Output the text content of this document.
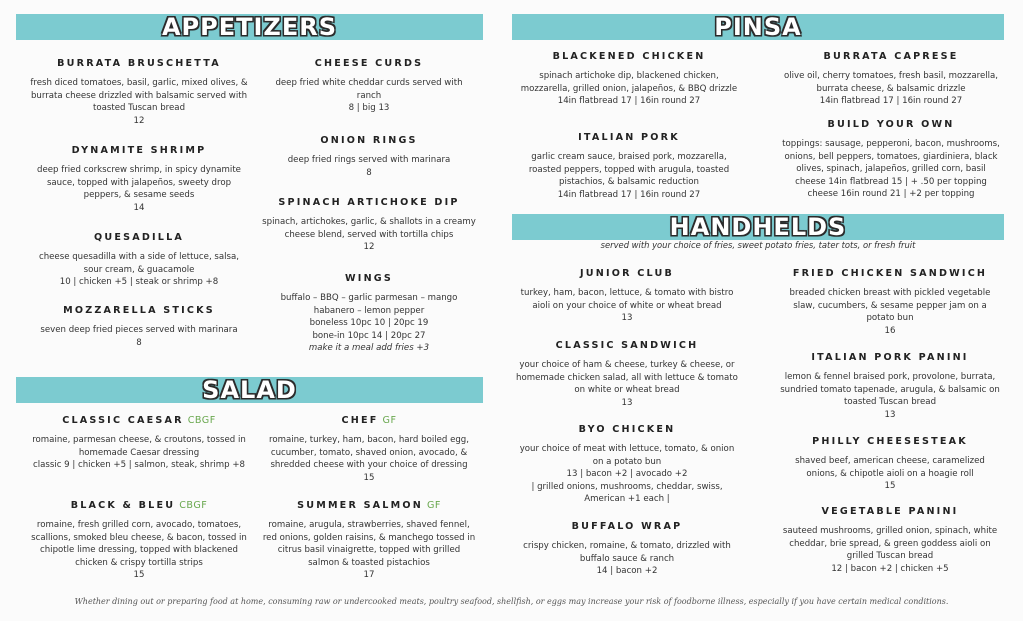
APPETIZERS	PINSA
SALAD
HANDHELDS
served with your choice of fries, sweet potato fries, tater tots, or fresh fruit
BURRATA BRUSCHETTA
fresh diced tomatoes, basil, garlic, mixed olives, & burrata cheese drizzled with balsamic served with toasted Tuscan bread
12
DYNAMITE SHRIMP
deep fried corkscrew shrimp, in spicy dynamite sauce, topped with jalapeños, sweety drop peppers, & sesame seeds
14
QUESADILLA
cheese quesadilla with a side of lettuce, salsa, sour cream, & guacamole
10 | chicken +5 | steak or shrimp +8
MOZZARELLA STICKS
seven deep fried pieces served with marinara
8
CHEESE CURDS
deep fried white cheddar curds served with ranch
8 | big 13
ONION RINGS
deep fried rings served with marinara
8
SPINACH ARTICHOKE DIP
spinach, artichokes, garlic, & shallots in a creamy cheese blend, served with tortilla chips
12
WINGS
buffalo – BBQ – garlic parmesan – mango habanero – lemon pepper
boneless 10pc 10 | 20pc 19
bone-in 10pc 14 | 20pc 27
make it a meal add fries +3
CLASSIC CAESAR CBGF
romaine, parmesan cheese, & croutons, tossed in homemade Caesar dressing
classic 9 | chicken +5 | salmon, steak, shrimp +8
BLACK & BLEU CBGF
romaine, fresh grilled corn, avocado, tomatoes, scallions, smoked bleu cheese, & bacon, tossed in chipotle lime dressing, topped with blackened chicken & crispy tortilla strips
15
CHEF GF
romaine, turkey, ham, bacon, hard boiled egg, cucumber, tomato, shaved onion, avocado, & shredded cheese with your choice of dressing
15
SUMMER SALMON GF
romaine, arugula, strawberries, shaved fennel, red onions, golden raisins, & manchego tossed in citrus basil vinaigrette, topped with grilled salmon & toasted pistachios
17
BLACKENED CHICKEN
spinach artichoke dip, blackened chicken, mozzarella, grilled onion, jalapeños, & BBQ drizzle
14in flatbread 17 | 16in round 27
ITALIAN PORK
garlic cream sauce, braised pork, mozzarella, roasted peppers, topped with arugula, toasted pistachios, & balsamic reduction
14in flatbread 17 | 16in round 27
BURRATA CAPRESE
olive oil, cherry tomatoes, fresh basil, mozzarella, burrata cheese, & balsamic drizzle
14in flatbread 17 | 16in round 27
BUILD YOUR OWN
toppings: sausage, pepperoni, bacon, mushrooms, onions, bell peppers, tomatoes, giardiniera, black olives, spinach, jalapeños, grilled corn, basil
cheese 14in flatbread 15 | + .50 per topping
cheese 16in round 21 | +2 per topping
JUNIOR CLUB
turkey, ham, bacon, lettuce, & tomato with bistro aioli on your choice of white or wheat bread
13
CLASSIC SANDWICH
your choice of ham & cheese, turkey & cheese, or homemade chicken salad, all with lettuce & tomato on white or wheat bread
13
BYO CHICKEN
your choice of meat with lettuce, tomato, & onion on a potato bun
13 | bacon +2 | avocado +2
| grilled onions, mushrooms, cheddar, swiss, American +1 each |
BUFFALO WRAP
crispy chicken, romaine, & tomato, drizzled with buffalo sauce & ranch
14 | bacon +2
FRIED CHICKEN SANDWICH
breaded chicken breast with pickled vegetable slaw, cucumbers, & sesame pepper jam on a potato bun
16
ITALIAN PORK PANINI
lemon & fennel braised pork, provolone, burrata, sundried tomato tapenade, arugula, & balsamic on toasted Tuscan bread
13
PHILLY CHEESESTEAK
shaved beef, american cheese, caramelized onions, & chipotle aioli on a hoagie roll
15
VEGETABLE PANINI
sauteed mushrooms, grilled onion, spinach, white cheddar, brie spread, & green goddess aioli on grilled Tuscan bread
12 | bacon +2 | chicken +5
Whether dining out or preparing food at home, consuming raw or undercooked meats, poultry seafood, shellfish, or eggs may increase your risk of foodborne illness, especially if you have certain medical conditions.
